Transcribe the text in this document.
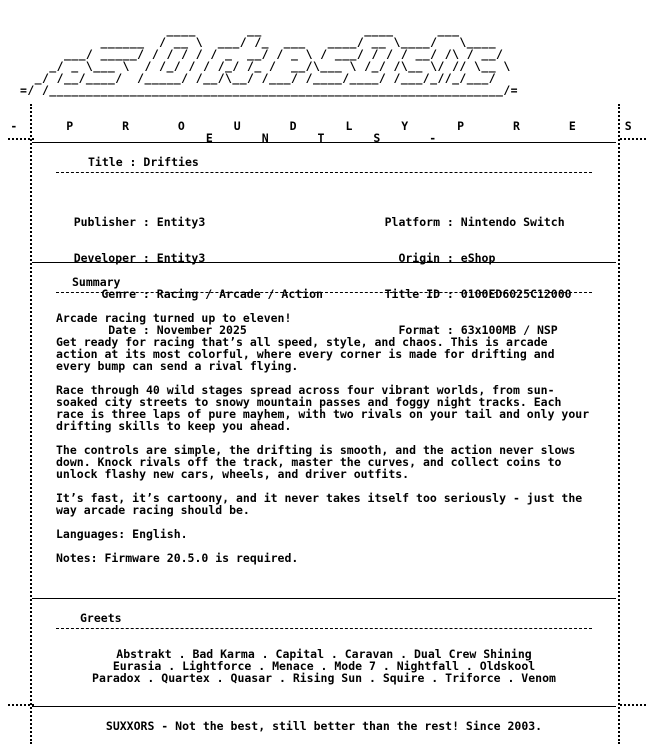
____       __              ____      ___
______  / __ \  ___/ /_  ___   ____/ __ \____/   \____
___/ _____/ / / / / / _  __/ / _ \ / ___/ / / / __/ /\ / __/
_/ _ \___ \  / /_/ / / /_/ /_ /  __/\___ \ /_/ /\__ \/ // \__ \
_/ /__/____/  /_____/ /__/\__/ /___/ /____/____/ /___/_//_/___/
=/ /______________________________________________________________/=
- P R O U D L Y P R E S E N T S -
Title : Drifties

Publisher : Entity3

Developer : Entity3

Genre : Racing / Arcade / Action

Date : November 2025

Platform : Nintendo Switch

Origin : eShop

Title ID : 0100ED6025C12000

Format : 63x100MB / NSP

Summary

Arcade racing turned up to eleven!

Get ready for racing that’s all speed, style, and chaos. This is arcade action at its most colorful, where every corner is made for drifting and every bump can send a rival flying.

Race through 40 wild stages spread across four vibrant worlds, from sun-soaked city streets to snowy mountain passes and foggy night tracks. Each race is three laps of pure mayhem, with two rivals on your tail and only your drifting skills to keep you ahead.

The controls are simple, the drifting is smooth, and the action never slows down. Knock rivals off the track, master the curves, and collect coins to unlock flashy new cars, wheels, and driver outfits.

It’s fast, it’s cartoony, and it never takes itself too seriously - just the way arcade racing should be.

Languages: English.

Notes: Firmware 20.5.0 is required.

Greets
Abstrakt . Bad Karma . Capital . Caravan . Dual Crew Shining
Eurasia . Lightforce . Menace . Mode 7 . Nightfall . Oldskool
Paradox . Quartex . Quasar . Rising Sun . Squire . Triforce . Venom
SUXXORS - Not the best, still better than the rest! Since 2003.
